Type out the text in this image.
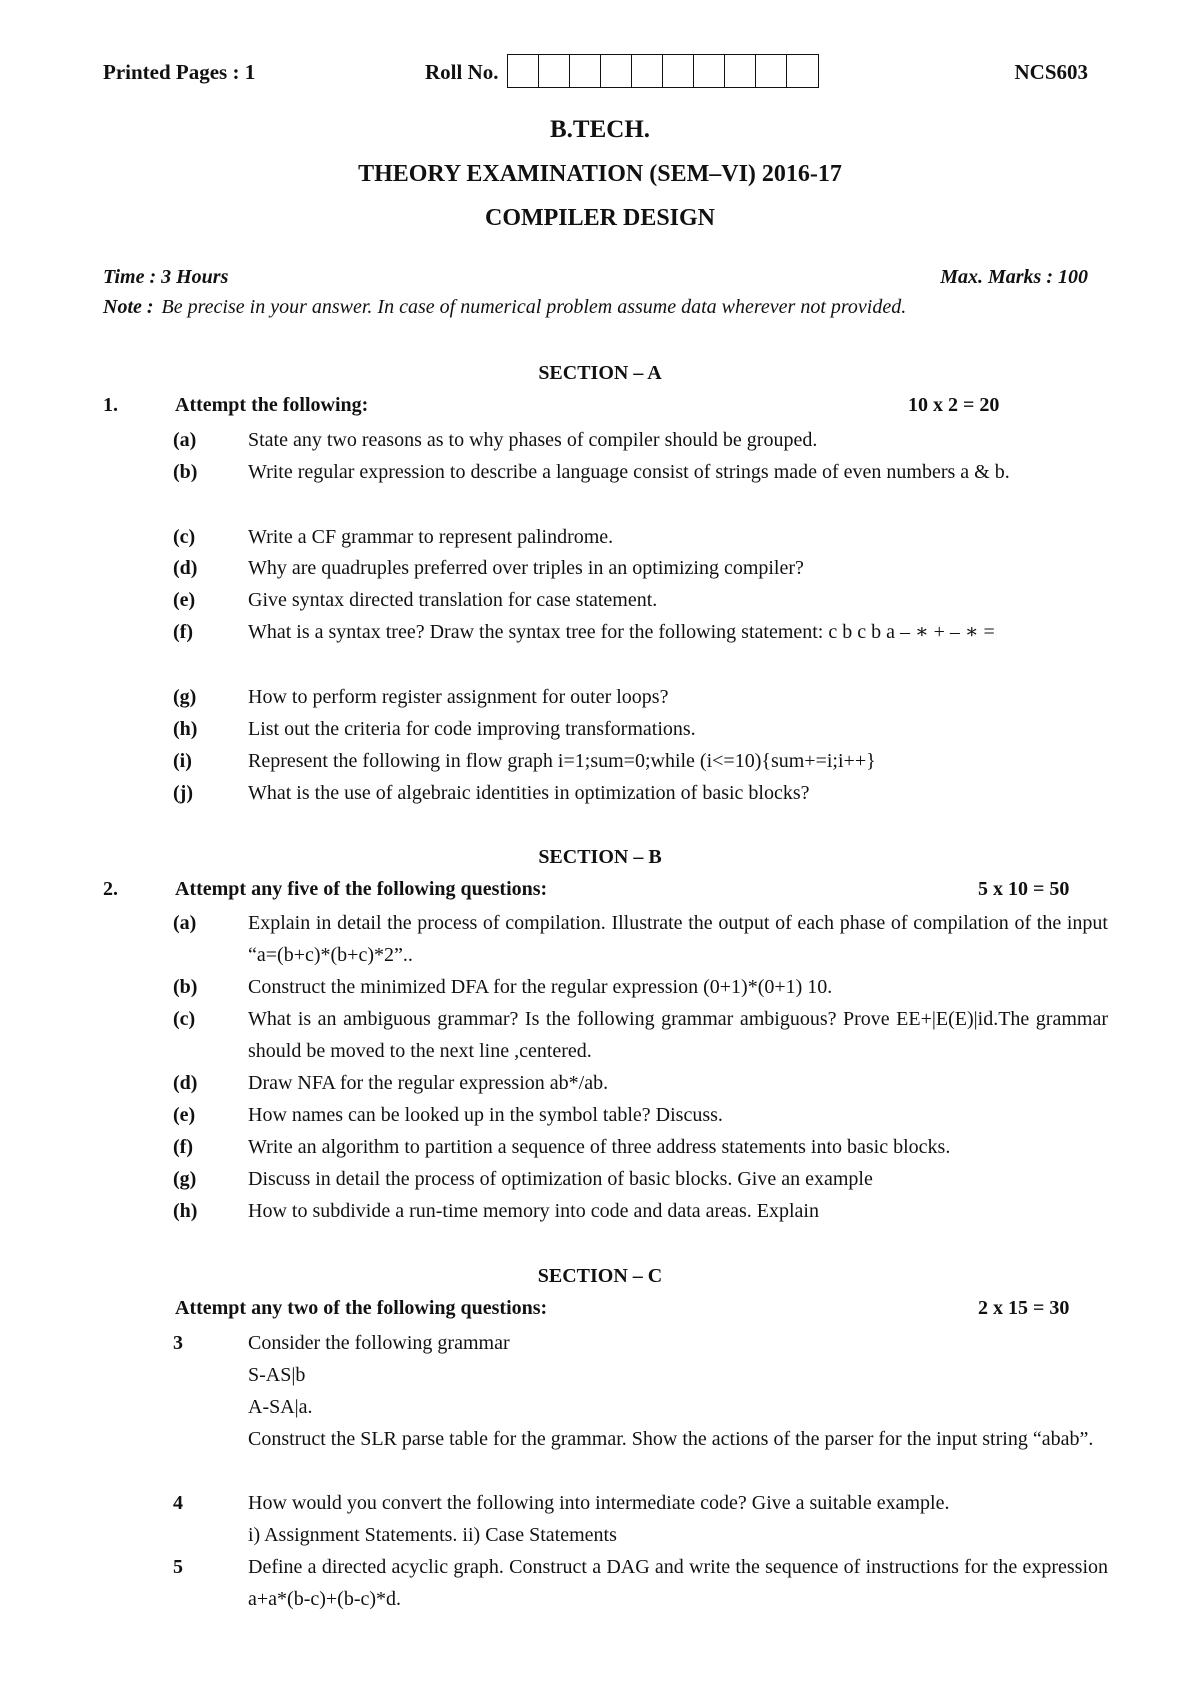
Printed Pages : 1	Roll No.	NCS603
B.TECH.
THEORY EXAMINATION (SEM–VI) 2016-17
COMPILER DESIGN
Time : 3 Hours	Max. Marks : 100
Note : Be precise in your answer. In case of numerical problem assume data wherever not provided.
SECTION – A
1.	Attempt the following:	10 x 2 = 20
(a)	State any two reasons as to why phases of compiler should be grouped.
(b)	Write regular expression to describe a language consist of strings made of even numbers a & b.
(c)	Write a CF grammar to represent palindrome.
(d)	Why are quadruples preferred over triples in an optimizing compiler?
(e)	Give syntax directed translation for case statement.
(f)	What is a syntax tree? Draw the syntax tree for the following statement: c b c b a – ∗ + – ∗ =
(g)	How to perform register assignment for outer loops?
(h)	List out the criteria for code improving transformations.
(i)	Represent the following in flow graph i=1;sum=0;while (i<=10){sum+=i;i++}
(j)	What is the use of algebraic identities in optimization of basic blocks?
SECTION – B
2.	Attempt any five of the following questions:	5 x 10 = 50
(a)	Explain in detail the process of compilation. Illustrate the output of each phase of compilation of the input “a=(b+c)*(b+c)*2”..
(b)	Construct the minimized DFA for the regular expression (0+1)*(0+1) 10.
(c)	What is an ambiguous grammar? Is the following grammar ambiguous? Prove EE+|E(E)|id.The grammar should be moved to the next line ,centered.
(d)	Draw NFA for the regular expression ab*/ab.
(e)	How names can be looked up in the symbol table? Discuss.
(f)	Write an algorithm to partition a sequence of three address statements into basic blocks.
(g)	Discuss in detail the process of optimization of basic blocks. Give an example
(h)	How to subdivide a run-time memory into code and data areas. Explain
SECTION – C
Attempt any two of the following questions:	2 x 15 = 30
3	Consider the following grammar
S-AS|b
A-SA|a.
Construct the SLR parse table for the grammar. Show the actions of the parser for the input string “abab”.
4	How would you convert the following into intermediate code? Give a suitable example.
i) Assignment Statements. ii) Case Statements
5	Define a directed acyclic graph. Construct a DAG and write the sequence of instructions for the expression a+a*(b-c)+(b-c)*d.
